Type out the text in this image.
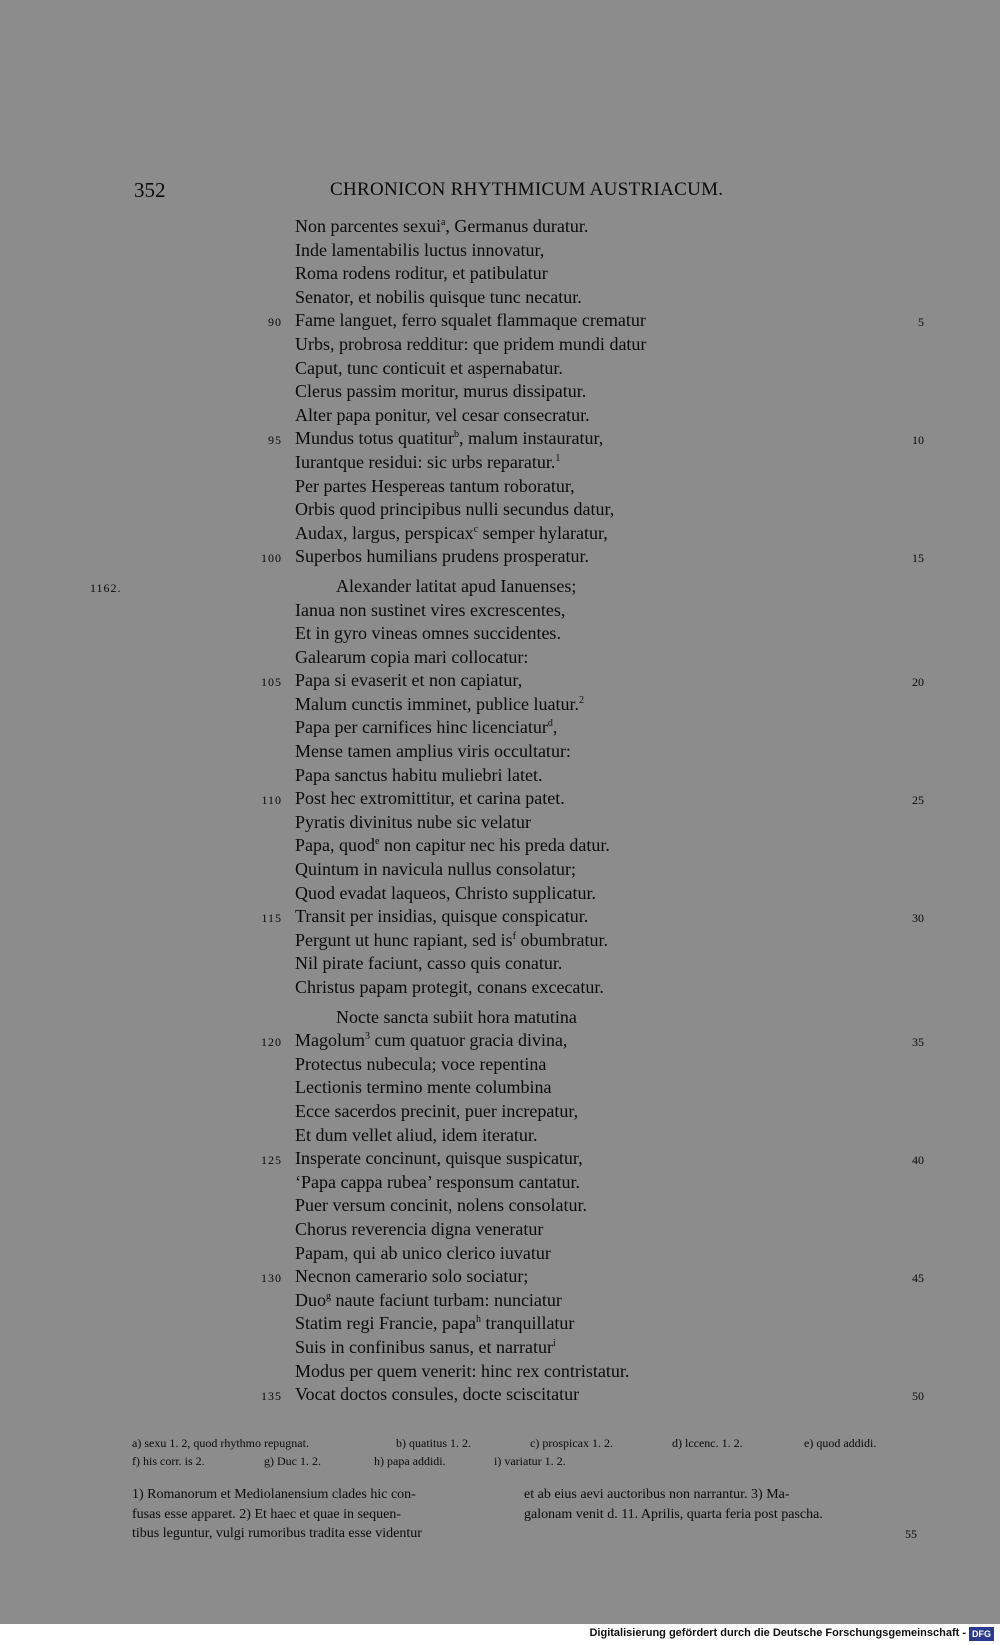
352	CHRONICON RHYTHMICUM AUSTRIACUM.
Non parcentes sexui$^a$, Germanus duratur.
Inde lamentabilis luctus innovatur,
Roma rodens roditur, et patibulatur
Senator, et nobilis quisque tunc necatur.
90 Fame languet, ferro squalet flammaque crematur	5
Urbs, probrosa redditur: que pridem mundi datur
Caput, tunc conticuit et aspernabatur.
Clerus passim moritur, murus dissipatur.
Alter papa ponitur, vel cesar consecratur.
95 Mundus totus quatitur$^b$, malum instauratur,	10
Iurantque residui: sic urbs reparatur.$^1$
Per partes Hespereas tantum roboratur,
Orbis quod principibus nulli secundus datur,
Audax, largus, perspicax$^c$ semper hylaratur,
100 Superbos humilians prudens prosperatur.	15
1162.	Alexander latitat apud Ianuenses;
Ianua non sustinet vires excrescentes,
Et in gyro vineas omnes succidentes.
Galearum copia mari collocatur:
105 Papa si evaserit et non capiatur,	20
Malum cunctis imminet, publice luatur.$^2$
Papa per carnifices hinc licenciatur$^d$,
Mense tamen amplius viris occultatur:
Papa sanctus habitu muliebri latet.
110 Post hec extromittitur, et carina patet.	25
Pyratis divinitus nube sic velatur
Papa, quod$^e$ non capitur nec his preda datur.
Quintum in navicula nullus consolatur;
Quod evadat laqueos, Christo supplicatur.
115 Transit per insidias, quisque conspicatur.	30
Pergunt ut hunc rapiant, sed $is^f$ obumbratur.
Nil pirate faciunt, casso quis conatur.
Christus papam protegit, conans excecatur.
Nocte sancta subiit hora matutina
120 Magolum$^3$ cum quatuor gracia divina,	35
Protectus nubecula; voce repentina
Lectionis termino mente columbina
Ecce sacerdos precinit, puer increpatur,
Et dum vellet aliud, idem iteratur.
125 Insperate concinunt, quisque suspicatur,	40
‘Papa cappa rubea’ responsum cantatur.
Puer versum concinit, nolens consolatur.
Chorus reverencia digna veneratur
Papam, qui ab unico clerico iuvatur
130 Necnon camerario solo sociatur;	45
Duo$^g$ naute faciunt turbam: nunciatur
Statim regi Francie, papa$^h$ tranquillatur
Suis in confinibus sanus, et narratur$^i$
Modus per quem venerit: hinc rex contristatur.
135 Vocat doctos consules, docte sciscitatur	50
a) sexu 1. 2, quod rhythmo repugnat.	b) quatitus 1. 2.	c) prospicax 1. 2.	d) lccenc. 1. 2.	e) quod addidi.
f) his corr. is 2.	g) Duc 1. 2.	h) papa addidi.	i) variatur 1. 2.
1) Romanorum et Mediolanensium clades hic con-
fusas esse apparet. 2) Et haec et quae in sequen-
tibus leguntur, vulgi rumoribus tradita esse videntur
et ab eius aevi auctoribus non narrantur. 3) Ma-
galonam venit d. 11. Aprilis, quarta feria post pascha.
55
Digitalisierung gefördert durch die Deutsche Forschungsgemeinschaft - DFG
